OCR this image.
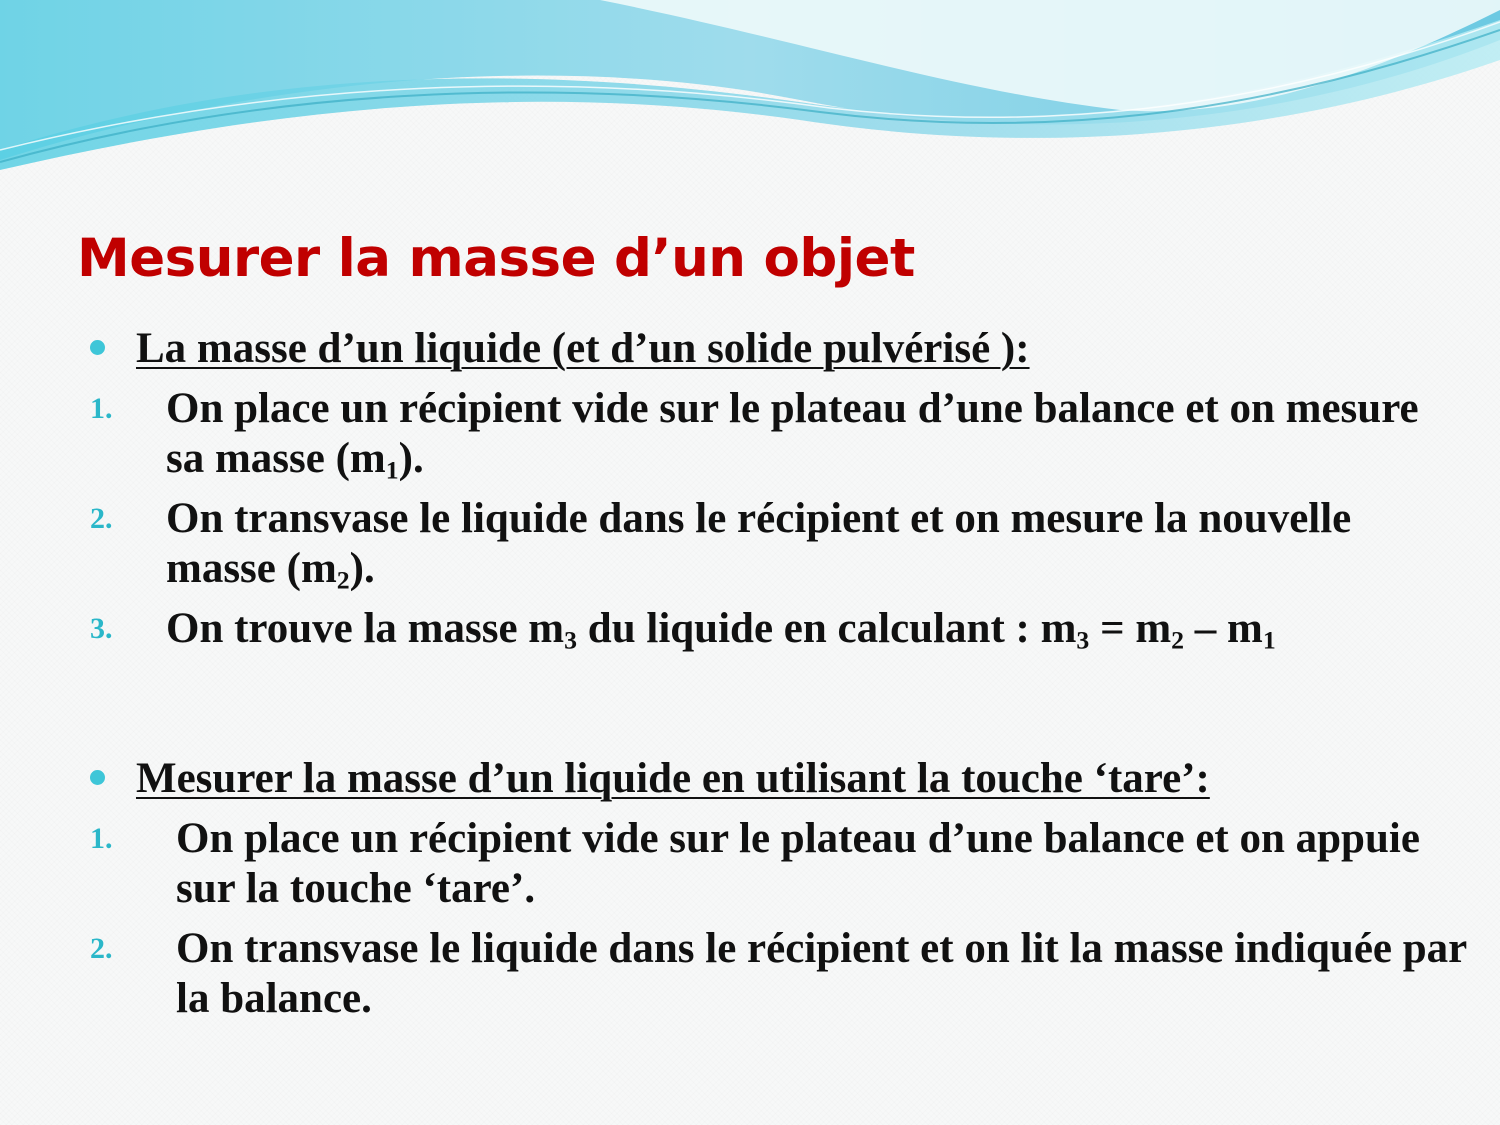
Mesurer la masse d’un objet
La masse d’un liquide (et d’un solide pulvérisé ):
1. On place un récipient vide sur le plateau d’une balance et on mesure sa masse $(m_1)$.
2. On transvase le liquide dans le récipient et on mesure la nouvelle masse $(m_2)$.
3. On trouve la masse $m_3$ du liquide en calculant : $m_3 = m_2 - m_1$
Mesurer la masse d’un liquide en utilisant la touche ‘tare’:
1. On place un récipient vide sur le plateau d’une balance et on appuie sur la touche ‘tare’.
2. On transvase le liquide dans le récipient et on lit la masse indiquée par la balance.
